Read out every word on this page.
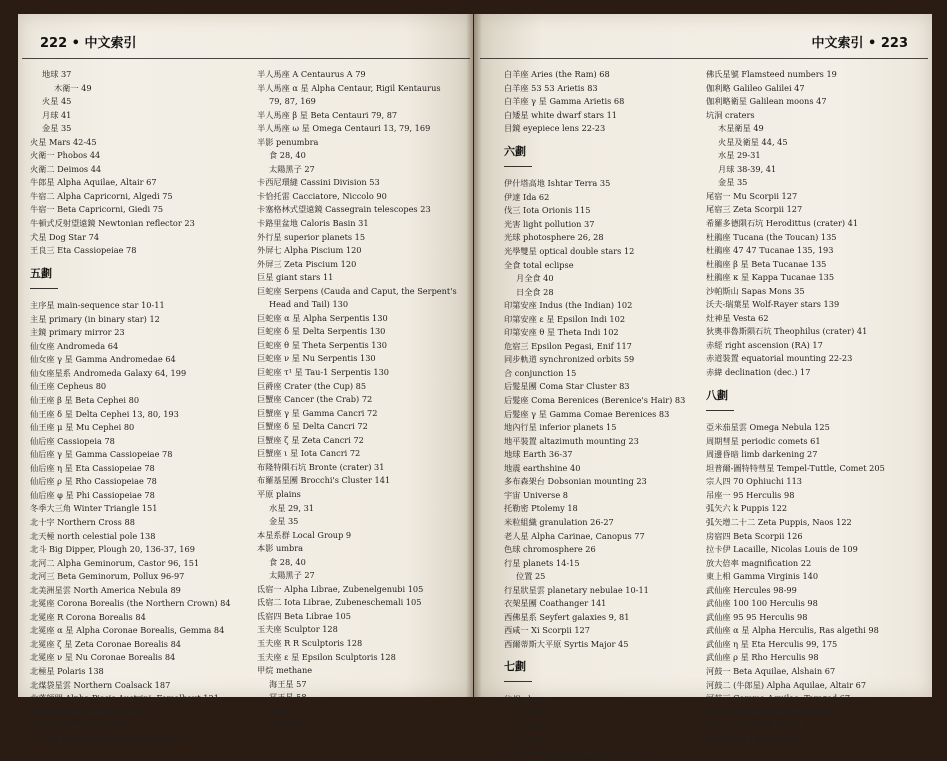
222 • 中文索引
地球 37
木衛一 49
火星 45
月球 41
金星 35
火星 Mars 42-45
火衛一 Phobos 44
火衛二 Deimos 44
牛郎星 Alpha Aquilae, Altair 67
牛宿二 Alpha Capricorni, Algedi 75
牛宿一 Beta Capricorni, Giedi 75
牛頓式反射望遠鏡 Newtonian reflector 23
犬星 Dog Star 74
王良三 Eta Cassiopeiae 78
五劃
主序星 main-sequence star 10-11
主星 primary (in binary star) 12
主鏡 primary mirror 23
仙女座 Andromeda 64
仙女座 γ 星 Gamma Andromedae 64
仙女座星系 Andromeda Galaxy 64, 199
仙王座 Cepheus 80
仙王座 β 星 Beta Cephei 80
仙王座 δ 星 Delta Cephei 13, 80, 193
仙王座 μ 星 Mu Cephei 80
仙后座 Cassiopeia 78
仙后座 γ 星 Gamma Cassiopeiae 78
仙后座 η 星 Eta Cassiopeiae 78
仙后座 ρ 星 Rho Cassiopeiae 78
仙后座 φ 星 Phi Cassiopeiae 78
冬季大三角 Winter Triangle 151
北十字 Northern Cross 88
北天極 north celestial pole 138
北斗 Big Dipper, Plough 20, 136-37, 169
北河二 Alpha Geminorum, Castor 96, 151
北河三 Beta Geminorum, Pollux 96-97
北美洲星雲 North America Nebula 89
北冕座 Corona Borealis (the Northern Crown) 84
北冕座 R Corona Borealis 84
北冕座 α 星 Alpha Coronae Borealis, Gemma 84
北冕座 ζ 星 Zeta Coronae Borealis 84
北冕座 ν 星 Nu Coronae Borealis 84
北極星 Polaris 138
北煤袋星雲 Northern Coalsack 187
北落師門 Alpha Piscis Austrini, Fomalhaut 121
北銀極 north galactic pole 128
北爪 Northern Claw 105
半人馬座 Centaurus (the Centaur) 21, 79
半人馬座 A Centaurus A 79
半人馬座 α 星 Alpha Centaur, Rigil Kentaurus
79, 87, 169
半人馬座 β 星 Beta Centauri 79, 87
半人馬座 ω 星 Omega Centauri 13, 79, 169
半影 penumbra
食 28, 40
太陽黑子 27
卡西尼環縫 Cassini Division 53
卡恰托雷 Cacciatore, Niccolo 90
卡塞格林式望遠鏡 Cassegrain telescopes 23
卡路里盆地 Caloris Basin 31
外行星 superior planets 15
外屏七 Alpha Piscium 120
外屏三 Zeta Piscium 120
巨星 giant stars 11
巨蛇座 Serpens (Cauda and Caput, the Serpent's
Head and Tail) 130
巨蛇座 α 星 Alpha Serpentis 130
巨蛇座 δ 星 Delta Serpentis 130
巨蛇座 θ 星 Theta Serpentis 130
巨蛇座 ν 星 Nu Serpentis 130
巨蛇座 τ¹ 星 Tau-1 Serpentis 130
巨爵座 Crater (the Cup) 85
巨蟹座 Cancer (the Crab) 72
巨蟹座 γ 星 Gamma Cancri 72
巨蟹座 δ 星 Delta Cancri 72
巨蟹座 ζ 星 Zeta Cancri 72
巨蟹座 ι 星 Iota Cancri 72
布隆特隕石坑 Bronte (crater) 31
布羅基星團 Brocchi's Cluster 141
平原 plains
水星 29, 31
金星 35
本星系群 Local Group 9
本影 umbra
食 28, 40
太陽黑子 27
氐宿一 Alpha Librae, Zubenelgenubi 105
氐宿二 Iota Librae, Zubeneschemali 105
氐宿四 Beta Librae 105
玉夫座 Sculptor 128
玉夫座 R R Sculptoris 128
玉夫座 ε 星 Epsilon Sculptoris 128
甲烷 methane
海王星 57
冥王星 58
海衛一 57
天王星 55
中文索引 • 223
白羊座 Aries (the Ram) 68
白羊座 53 53 Arietis 83
白羊座 γ 星 Gamma Arietis 68
白矮星 white dwarf stars 11
目鏡 eyepiece lens 22-23
六劃
伊什塔高地 Ishtar Terra 35
伊達 Ida 62
伐三 Iota Orionis 115
光害 light pollution 37
光球 photosphere 26, 28
光學雙星 optical double stars 12
全食 total eclipse
月全食 40
日全食 28
印第安座 Indus (the Indian) 102
印第安座 ε 星 Epsilon Indi 102
印第安座 θ 星 Theta Indi 102
危宿三 Epsilon Pegasi, Enif 117
同步軌道 synchronized orbits 59
合 conjunction 15
后髮星團 Coma Star Cluster 83
后髮座 Coma Berenices (Berenice's Hair) 83
后髮座 γ 星 Gamma Comae Berenices 83
地內行星 inferior planets 15
地平裝置 altazimuth mounting 23
地球 Earth 36-37
地震 earthshine 40
多布森架台 Dobsonian mounting 23
宇宙 Universe 8
托勒密 Ptolemy 18
米粒組織 granulation 26-27
老人星 Alpha Carinae, Canopus 77
色球 chromosphere 26
行星 planets 14-15
位置 25
行星狀星雲 planetary nebulae 10-11
衣架星團 Coathanger 141
西佛星系 Seyfert galaxies 9, 81
西咸一 Xi Scorpii 127
西爾蒂斯大平原 Syrtis Major 45
七劃
位相 phases
水星 30
月球 40
金星 33
伴星 secondary (in binary star) 12
佛氏星號 Flamsteed numbers 19
伽利略 Galileo Galilei 47
伽利略衛星 Galilean moons 47
坑洞 craters
木星衛星 49
火星及衛星 44, 45
水星 29-31
月球 38-39, 41
金星 35
尾宿一 Mu Scorpii 127
尾宿三 Zeta Scorpii 127
希羅多德隕石坑 Herodittus (crater) 41
杜鵑座 Tucana (the Toucan) 135
杜鵑座 47 47 Tucanae 135, 193
杜鵑座 β 星 Beta Tucanae 135
杜鵑座 κ 星 Kappa Tucanae 135
沙帕斯山 Sapas Mons 35
沃夫-瑞葉星 Wolf-Rayer stars 139
灶神星 Vesta 62
狄奧菲魯斯隕石坑 Theophilus (crater) 41
赤經 right ascension (RA) 17
赤道裝置 equatorial mounting 22-23
赤緯 declination (dec.) 17
八劃
亞米茄星雲 Omega Nebula 125
周期彗星 periodic comets 61
周邊昏暗 limb darkening 27
坦普爾-圖特特彗星 Tempel-Tuttle, Comet 205
宗人四 70 Ophiuchi 113
吊座一 95 Herculis 98
弧矢六 k Puppis 122
弧矢增二十二 Zeta Puppis, Naos 122
房宿四 Beta Scorpii 126
拉卡伊 Lacaille, Nicolas Louis de 109
放大倍率 magnification 22
東上相 Gamma Virginis 140
武仙座 Hercules 98-99
武仙座 100 100 Herculis 98
武仙座 95 95 Herculis 98
武仙座 α 星 Alpha Herculis, Ras algethi 98
武仙座 η 星 Eta Herculis 99, 175
武仙座 ρ 星 Rho Herculis 98
河鼓一 Beta Aquilae, Alshain 67
河鼓二 (牛郎星) Alpha Aquilae, Altair 67
河鼓三 Gamma Aquilae, Tarazed 67
波江座 Eridanus (the River) 94
波江座 32 32 Eridani 94
波江座 40 40 Eridani 94
